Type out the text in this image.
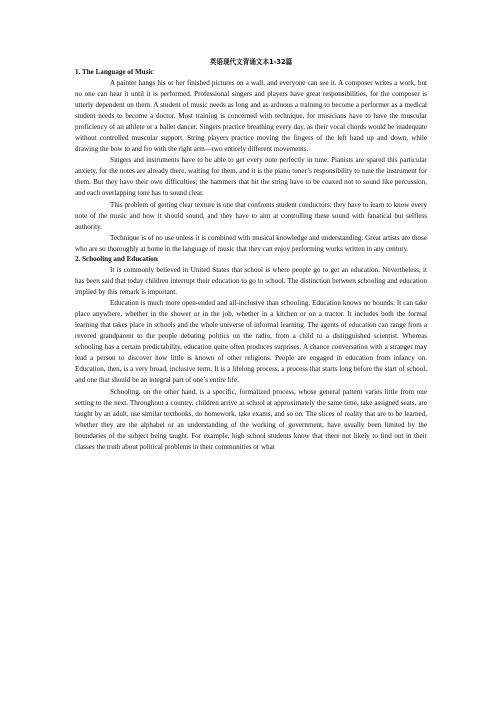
英语现代文背诵文本1-32篇
1. The Language of Music

A painter hangs his or her finished pictures on a wall, and everyone can see it. A composer writes a work, but no one can hear it until it is performed. Professional singers and players have great responsibilities, for the composer is utterly dependent on them. A student of music needs as long and as arduous a training to become a performer as a medical student needs to become a doctor. Most training is concerned with technique, for musicians have to have the muscular proficiency of an athlete or a ballet dancer. Singers practice breathing every day, as their vocal chords would be inadequate without controlled muscular support. String players practice moving the fingers of the left hand up and down, while drawing the bow to and fro with the right arm—two entirely different movements.

Singers and instruments have to be able to get every note perfectly in tune. Pianists are spared this particular anxiety, for the notes are already there, waiting for them, and it is the piano tuner’s responsibility to tune the instrument for them. But they have their own difficulties; the hammers that hit the string have to be coaxed not to sound like percussion, and each overlapping tone has to sound clear.

This problem of getting clear texture is one that confronts student conductors: they have to learn to know every note of the music and how it should sound, and they have to aim at controlling these sound with fanatical but selfless authority.

Technique is of no use unless it is combined with musical knowledge and understanding. Great artists are those who are so thoroughly at home in the language of music that they can enjoy performing works written in any century.

2. Schooling and Education

It is commonly believed in United States that school is where people go to get an education. Nevertheless, it has been said that today children interrupt their education to go to school. The distinction between schooling and education implied by this remark is important.

Education is much more open-ended and all-inclusive than schooling. Education knows no bounds. It can take place anywhere, whether in the shower or in the job, whether in a kitchen or on a tractor. It includes both the formal learning that takes place in schools and the whole universe of informal learning. The agents of education can range from a revered grandparent to the people debating politics on the radio, from a child to a distinguished scientist. Whereas schooling has a certain predictability, education quite often produces surprises. A chance conversation with a stranger may lead a person to discover how little is known of other religions. People are engaged in education from infancy on. Education, then, is a very broad, inclusive term. It is a lifelong process, a process that starts long before the start of school, and one that should be an integral part of one’s entire life.

Schooling, on the other hand, is a specific, formalized process, whose general pattern varies little from one setting to the next. Throughout a country, children arrive at school at approximately the same time, take assigned seats, are taught by an adult, use similar textbooks, do homework, take exams, and so on. The slices of reality that are to be learned, whether they are the alphabet or an understanding of the working of government, have usually been limited by the boundaries of the subject being taught. For example, high school students know that there not likely to find out in their classes the truth about political problems in their communities or what
